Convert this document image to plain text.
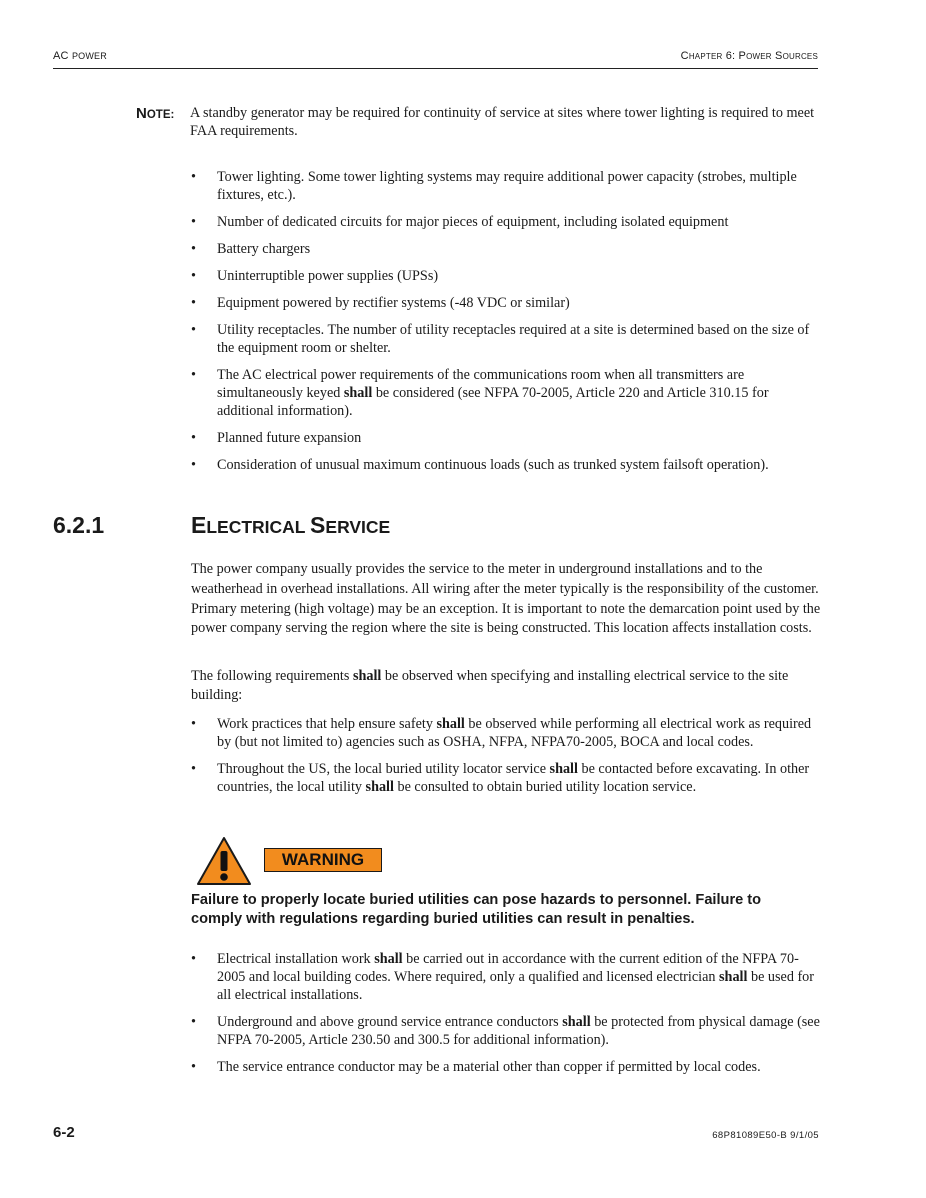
AC POWER	Chapter 6: Power Sources
NOTE: A standby generator may be required for continuity of service at sites where tower lighting is required to meet FAA requirements.
• Tower lighting. Some tower lighting systems may require additional power capacity (strobes, multiple fixtures, etc.).
• Number of dedicated circuits for major pieces of equipment, including isolated equipment
• Battery chargers
• Uninterruptible power supplies (UPSs)
• Equipment powered by rectifier systems (-48 VDC or similar)
• Utility receptacles. The number of utility receptacles required at a site is determined based on the size of the equipment room or shelter.
• The AC electrical power requirements of the communications room when all transmitters are simultaneously keyed shall be considered (see NFPA 70-2005, Article 220 and Article 310.15 for additional information).
• Planned future expansion
• Consideration of unusual maximum continuous loads (such as trunked system failsoft operation).
6.2.1	ELECTRICAL SERVICE

The power company usually provides the service to the meter in underground installations and to the weatherhead in overhead installations. All wiring after the meter typically is the responsibility of the customer. Primary metering (high voltage) may be an exception. It is important to note the demarcation point used by the power company serving the region where the site is being constructed. This location affects installation costs.

The following requirements shall be observed when specifying and installing electrical service to the site building:

• Work practices that help ensure safety shall be observed while performing all electrical work as required by (but not limited to) agencies such as OSHA, NFPA, NFPA70-2005, BOCA and local codes.
• Throughout the US, the local buried utility locator service shall be contacted before excavating. In other countries, the local utility shall be consulted to obtain buried utility location service.
WARNING

Failure to properly locate buried utilities can pose hazards to personnel. Failure to comply with regulations regarding buried utilities can result in penalties.

• Electrical installation work shall be carried out in accordance with the current edition of the NFPA 70-2005 and local building codes. Where required, only a qualified and licensed electrician shall be used for all electrical installations.
• Underground and above ground service entrance conductors shall be protected from physical damage (see NFPA 70-2005, Article 230.50 and 300.5 for additional information).
• The service entrance conductor may be a material other than copper if permitted by local codes.
6-2	68P81089E50-B 9/1/05
